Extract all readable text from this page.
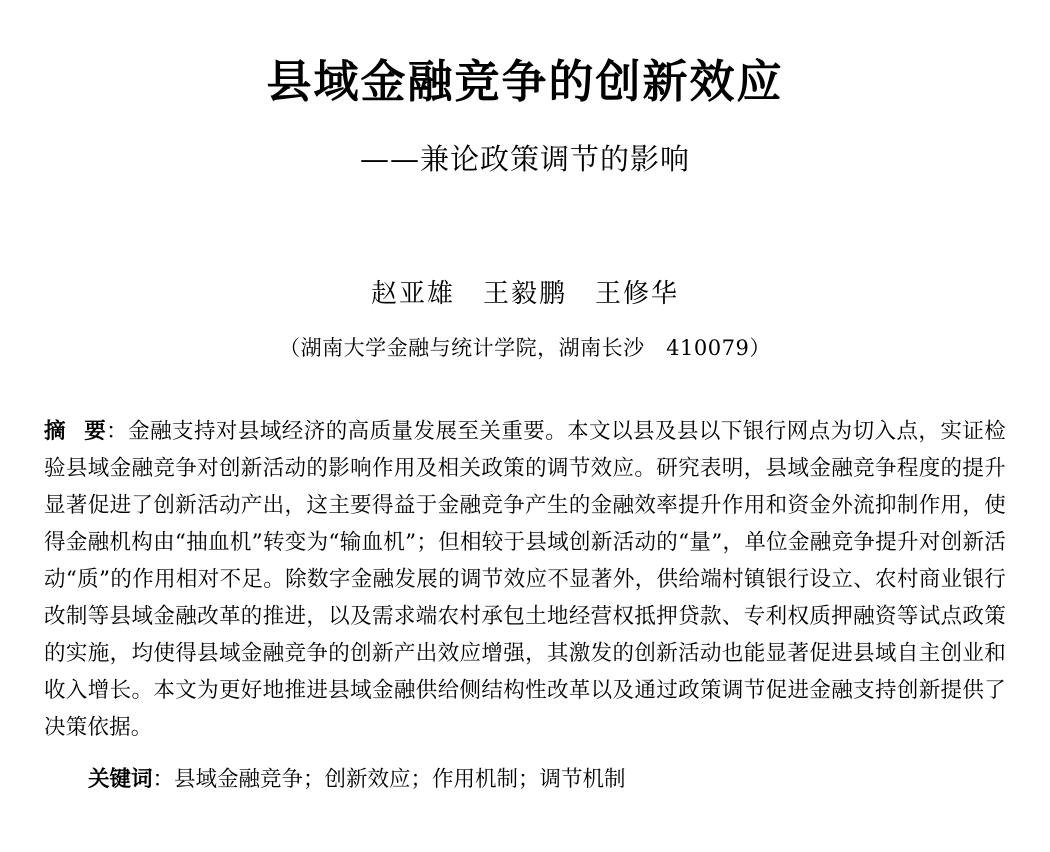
县域金融竞争的创新效应
——兼论政策调节的影响
赵亚雄 王毅鹏 王修华
（湖南大学金融与统计学院，湖南长沙　410079）
摘 要：金融支持对县域经济的高质量发展至关重要。本文以县及县以下银行网点为切入点，实证检验县域金融竞争对创新活动的影响作用及相关政策的调节效应。研究表明，县域金融竞争程度的提升显著促进了创新活动产出，这主要得益于金融竞争产生的金融效率提升作用和资金外流抑制作用，使得金融机构由“抽血机”转变为“输血机”；但相较于县域创新活动的“量”，单位金融竞争提升对创新活动“质”的作用相对不足。除数字金融发展的调节效应不显著外，供给端村镇银行设立、农村商业银行改制等县域金融改革的推进，以及需求端农村承包土地经营权抵押贷款、专利权质押融资等试点政策的实施，均使得县域金融竞争的创新产出效应增强，其激发的创新活动也能显著促进县域自主创业和收入增长。本文为更好地推进县域金融供给侧结构性改革以及通过政策调节促进金融支持创新提供了决策依据。
关键词：县域金融竞争；创新效应；作用机制；调节机制
